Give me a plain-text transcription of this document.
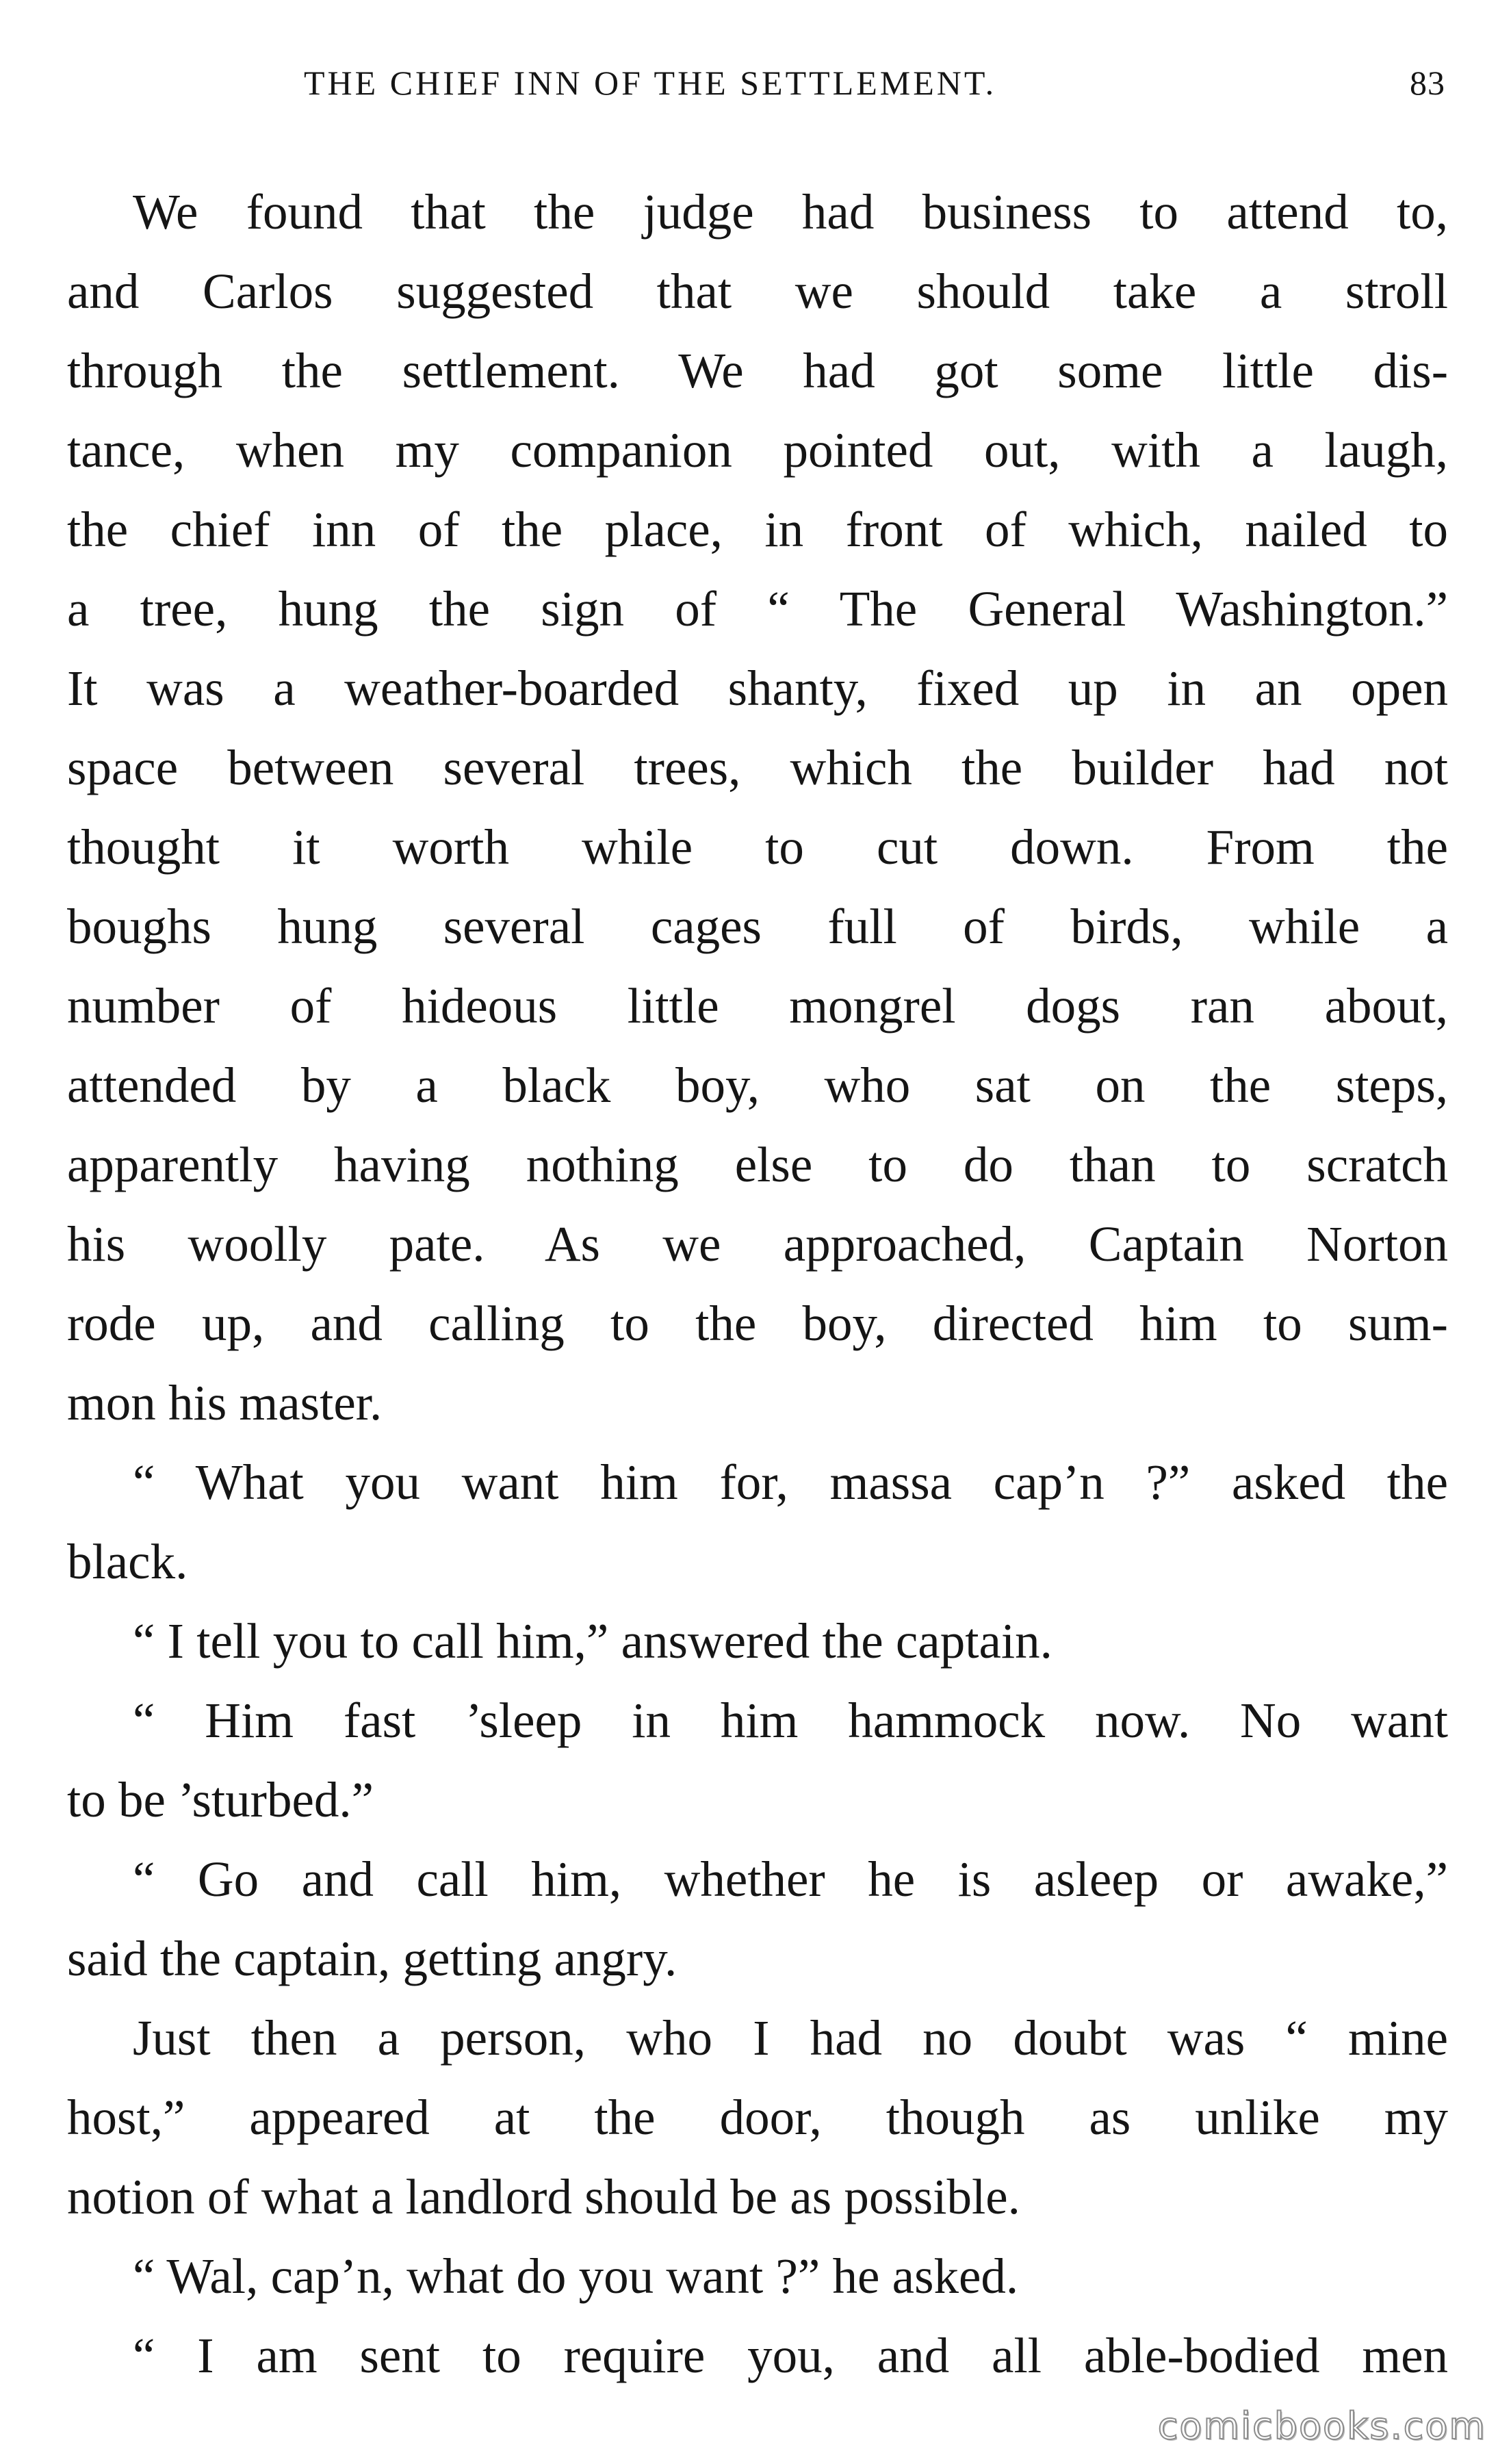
THE CHIEF INN OF THE SETTLEMENT.	83
We found that the judge had business to attend to,
and Carlos suggested that we should take a stroll
through the settlement. We had got some little dis-
tance, when my companion pointed out, with a laugh,
the chief inn of the place, in front of which, nailed to
a tree, hung the sign of “ The General Washington.”
It was a weather-boarded shanty, fixed up in an open
space between several trees, which the builder had not
thought it worth while to cut down. From the
boughs hung several cages full of birds, while a
number of hideous little mongrel dogs ran about,
attended by a black boy, who sat on the steps,
apparently having nothing else to do than to scratch
his woolly pate. As we approached, Captain Norton
rode up, and calling to the boy, directed him to sum-
mon his master.
“ What you want him for, massa cap’n ?” asked the
black.
“ I tell you to call him,” answered the captain.
“ Him fast ’sleep in him hammock now. No want
to be ’sturbed.”
“ Go and call him, whether he is asleep or awake,”
said the captain, getting angry.
Just then a person, who I had no doubt was “ mine
host,” appeared at the door, though as unlike my
notion of what a landlord should be as possible.
“ Wal, cap’n, what do you want ?” he asked.
“ I am sent to require you, and all able-bodied men
comicbooks.com
